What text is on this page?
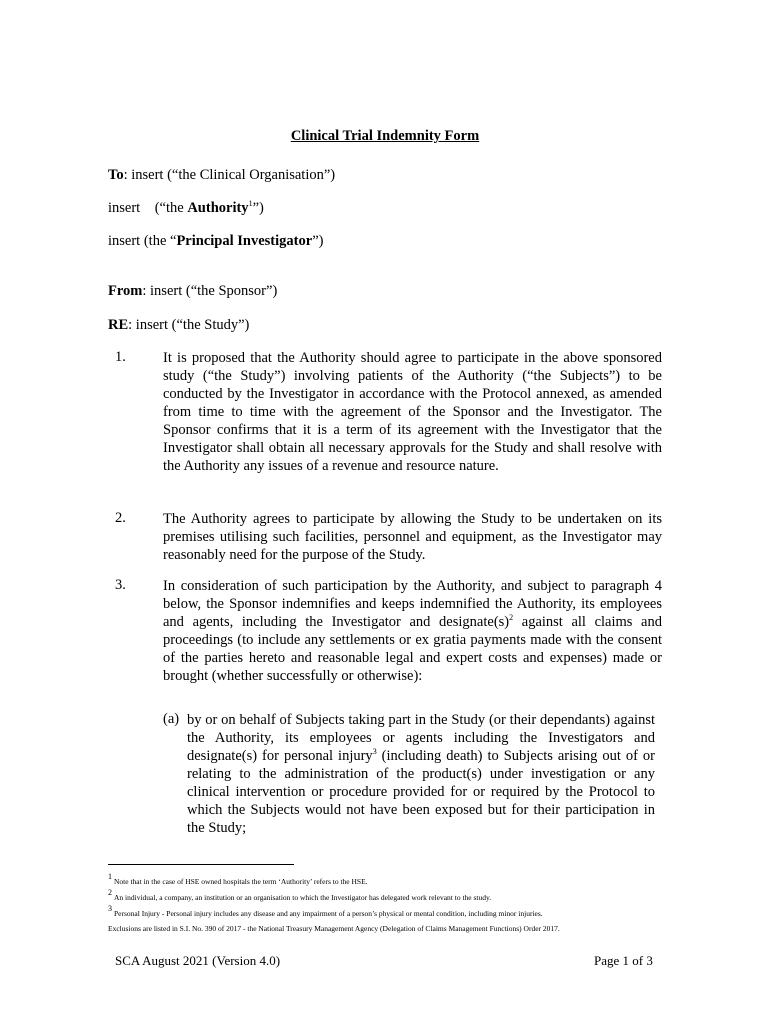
Clinical Trial Indemnity Form
To: insert (“the Clinical Organisation”)
insert    (“the Authority$^1$”)
insert (the “Principal Investigator”)
From: insert (“the Sponsor”)
RE: insert (“the Study”)
1.	It is proposed that the Authority should agree to participate in the above sponsored study (“the Study”) involving patients of the Authority (“the Subjects”) to be conducted by the Investigator in accordance with the Protocol annexed, as amended from time to time with the agreement of the Sponsor and the Investigator. The Sponsor confirms that it is a term of its agreement with the Investigator that the Investigator shall obtain all necessary approvals for the Study and shall resolve with the Authority any issues of a revenue and resource nature.
2.	The Authority agrees to participate by allowing the Study to be undertaken on its premises utilising such facilities, personnel and equipment, as the Investigator may reasonably need for the purpose of the Study.
3.	In consideration of such participation by the Authority, and subject to paragraph 4 below, the Sponsor indemnifies and keeps indemnified the Authority, its employees and agents, including the Investigator and $designate(s)^2$ against all claims and proceedings (to include any settlements or ex gratia payments made with the consent of the parties hereto and reasonable legal and expert costs and expenses) made or brought (whether successfully or otherwise):
(a) by or on behalf of Subjects taking part in the Study (or their dependants) against the Authority, its employees or agents including the Investigators and designate(s) for personal injury$^3$ (including death) to Subjects arising out of or relating to the administration of the product(s) under investigation or any clinical intervention or procedure provided for or required by the Protocol to which the Subjects would not have been exposed but for their participation in the Study;
1Note that in the case of HSE owned hospitals the term ‘Authority’ refers to the HSE.
2An individual, a company, an institution or an organisation to which the Investigator has delegated work relevant to the study.
3Personal Injury - Personal injury includes any disease and any impairment of a person’s physical or mental condition, including minor injuries.
Exclusions are listed in S.I. No. 390 of 2017 - the National Treasury Management Agency (Delegation of Claims Management Functions) Order 2017.
SCA August 2021 (Version 4.0)	Page 1 of 3
